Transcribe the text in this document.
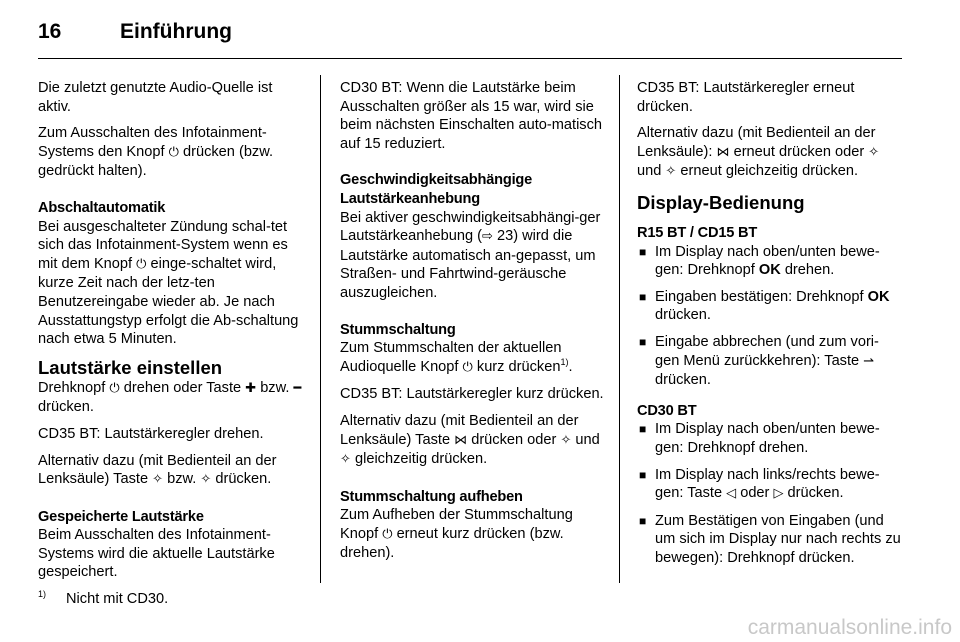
16	Einführung

Die zuletzt genutzte Audio-Quelle ist aktiv.

Zum Ausschalten des Infotainment-Systems den Knopf ⏻ drücken (bzw. gedrückt halten).

Abschaltautomatik

Bei ausgeschalteter Zündung schal-tet sich das Infotainment-System wenn es mit dem Knopf ⏻ einge-schaltet wird, kurze Zeit nach der letz-ten Benutzereingabe wieder ab. Je nach Ausstattungstyp erfolgt die Ab-schaltung nach etwa 5 Minuten.

Lautstärke einstellen

Drehknopf ⏻ drehen oder Taste ✚ bzw. ━ drücken.

CD35 BT: Lautstärkeregler drehen.

Alternativ dazu (mit Bedienteil an der Lenksäule) Taste ✧ bzw. ✧ drücken.

Gespeicherte Lautstärke

Beim Ausschalten des Infotainment-Systems wird die aktuelle Lautstärke gespeichert.

CD30 BT: Wenn die Lautstärke beim Ausschalten größer als 15 war, wird sie beim nächsten Einschalten auto-matisch auf 15 reduziert.

Geschwindigkeitsabhängige Lautstärkeanhebung

Bei aktiver geschwindigkeitsabhängi-ger Lautstärkeanhebung (⇨ 23) wird die Lautstärke automatisch an-gepasst, um Straßen- und Fahrtwind-geräusche auszugleichen.

Stummschaltung

Zum Stummschalten der aktuellen Audioquelle Knopf ⏻ kurz drücken$^{1)}$.

CD35 BT: Lautstärkeregler kurz drücken.

Alternativ dazu (mit Bedienteil an der Lenksäule) Taste ⋈ drücken oder ✧ und ✧ gleichzeitig drücken.

Stummschaltung aufheben

Zum Aufheben der Stummschaltung Knopf ⏻ erneut kurz drücken (bzw. drehen).

CD35 BT: Lautstärkeregler erneut drücken.

Alternativ dazu (mit Bedienteil an der Lenksäule): ⋈ erneut drücken oder ✧ und ✧ erneut gleichzeitig drücken.

Display-Bedienung
R15 BT / CD15 BT
■ Im Display nach oben/unten bewe-gen: Drehknopf OK drehen.
■ Eingaben bestätigen: Drehknopf OK drücken.
■ Eingabe abbrechen (und zum vori-gen Menü zurückkehren): Taste ⇀ drücken.
CD30 BT
■ Im Display nach oben/unten bewe-gen: Drehknopf drehen.
■ Im Display nach links/rechts bewe-gen: Taste ◁ oder ▷ drücken.
■ Zum Bestätigen von Eingaben (und um sich im Display nur nach rechts zu bewegen): Drehknopf drücken.
1) Nicht mit CD30.
carmanualsonline.info
